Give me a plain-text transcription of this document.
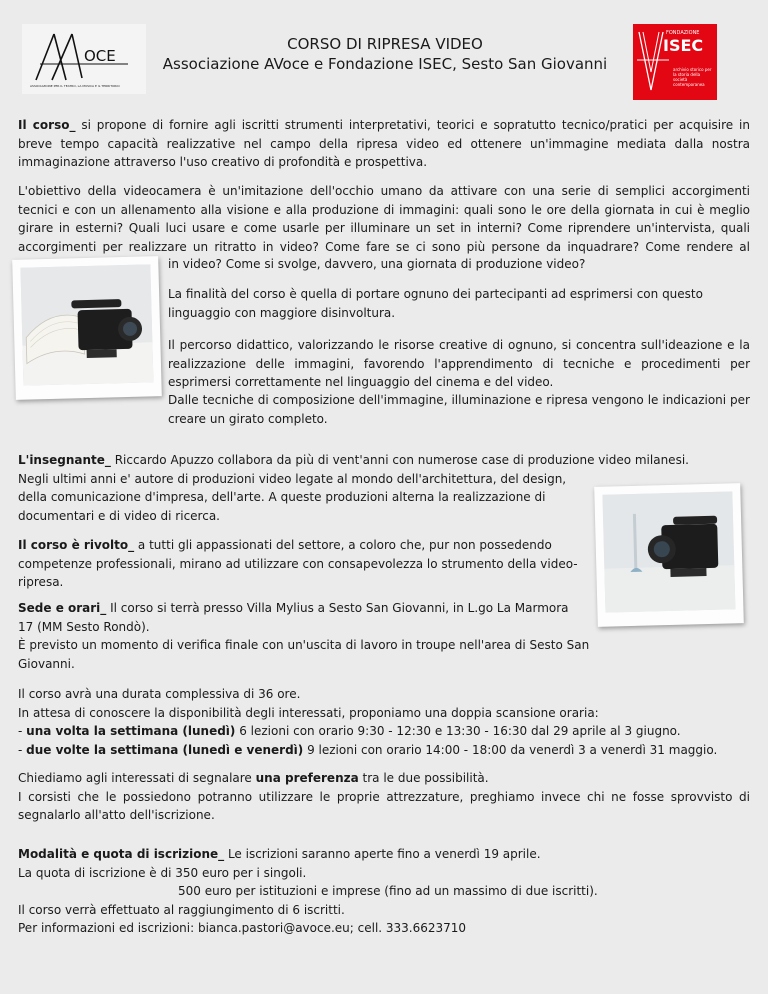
OCE
ASSOCIAZIONE PER IL TEATRO, LA MUSICA E IL TERRITORIO
CORSO DI RIPRESA VIDEO
Associazione AVoce e Fondazione ISEC, Sesto San Giovanni
FONDAZIONE
ISEC
archivio storico per la storia della società contemporanea

Il corso_ si propone di fornire agli iscritti strumenti interpretativi, teorici e sopratutto tecnico/pratici per acquisire in breve tempo capacità realizzative nel campo della ripresa video ed ottenere un'immagine mediata dalla nostra immaginazione attraverso l'uso creativo di profondità e prospettiva.

L'obiettivo della videocamera è un'imitazione dell'occhio umano da attivare con una serie di semplici accorgimenti tecnici e con un allenamento alla visione e alla produzione di immagini: quali sono le ore della giornata in cui è meglio girare in esterni? Quali luci usare e come usarle per illuminare un set in interni? Come riprendere un'intervista, quali accorgimenti per realizzare un ritratto in video? Come fare se ci sono più persone da inquadrare? Come rendere al

in video? Come si svolge, davvero, una giornata di produzione video?

La finalità del corso è quella di portare ognuno dei partecipanti ad esprimersi con questo linguaggio con maggiore disinvoltura.

Il percorso didattico, valorizzando le risorse creative di ognuno, si concentra sull'ideazione e la realizzazione delle immagini, favorendo l'apprendimento di tecniche e procedimenti per esprimersi correttamente nel linguaggio del cinema e del video.

Dalle tecniche di composizione dell'immagine, illuminazione e ripresa vengono le indicazioni per creare un girato completo.

L'insegnante_ Riccardo Apuzzo collabora da più di vent'anni con numerose case di produzione video milanesi.
Negli ultimi anni e' autore di produzioni video legate al mondo dell'architettura, del design,
della comunicazione d'impresa, dell'arte. A queste produzioni alterna la realizzazione di
documentari e di video di ricerca.
Il corso è rivolto_ a tutti gli appassionati del settore, a coloro che, pur non possedendo
competenze professionali, mirano ad utilizzare con consapevolezza lo strumento della video-
ripresa.
Sede e orari_ Il corso si terrà presso Villa Mylius a Sesto San Giovanni, in L.go La Marmora
17 (MM Sesto Rondò).
È previsto un momento di verifica finale con un'uscita di lavoro in troupe nell'area di Sesto San
Giovanni.
Il corso avrà una durata complessiva di 36 ore.
In attesa di conoscere la disponibilità degli interessati, proponiamo una doppia scansione oraria:
- una volta la settimana (lunedì) 6 lezioni con orario 9:30 - 12:30 e 13:30 - 16:30 dal 29 aprile al 3 giugno.
- due volte la settimana (lunedì e venerdì) 9 lezioni con orario 14:00 - 18:00 da venerdì 3 a venerdì 31 maggio.
Chiediamo agli interessati di segnalare una preferenza tra le due possibilità.
I corsisti che le possiedono potranno utilizzare le proprie attrezzature, preghiamo invece chi ne fosse sprovvisto di segnalarlo all'atto dell'iscrizione.
Modalità e quota di iscrizione_ Le iscrizioni saranno aperte fino a venerdì 19 aprile.
La quota di iscrizione è di 350 euro per i singoli.
500 euro per istituzioni e imprese (fino ad un massimo di due iscritti).
Il corso verrà effettuato al raggiungimento di 6 iscritti.
Per informazioni ed iscrizioni: bianca.pastori@avoce.eu; cell. 333.6623710
